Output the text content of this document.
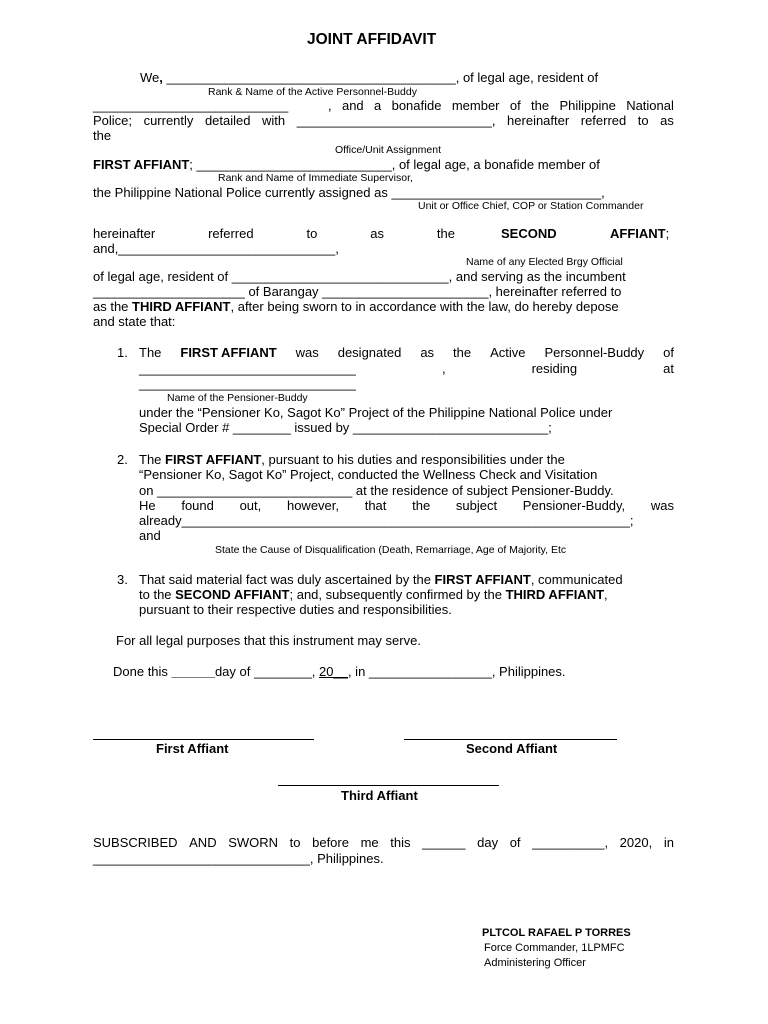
JOINT AFFIDAVIT
We, ________________________________________, of legal age, resident of
Rank & Name of the Active Personnel-Buddy
___________________________	, and a bonafide member of the Philippine National
Police; currently detailed with ___________________________, hereinafter referred to as
the
Office/Unit Assignment
FIRST AFFIANT; ___________________________, of legal age, a bonafide member of
Rank and Name of Immediate Supervisor,
the Philippine National Police currently assigned as _____________________________,
Unit or Office Chief, COP or Station Commander
hereinafter	referred	to	as	the	SECOND	AFFIANT;
and,______________________________,
Name of any Elected Brgy Official
of legal age, resident of ______________________________, and serving as the incumbent
_____________________ of Barangay _______________________, hereinafter referred to
as the THIRD AFFIANT, after being sworn to in accordance with the law, do hereby depose
and state that:
1. The FIRST AFFIANT was designated as the Active Personnel-Buddy of
______________________________	,	residing	at
______________________________
Name of the Pensioner-Buddy
under the “Pensioner Ko, Sagot Ko” Project of the Philippine National Police under
Special Order # ________ issued by ___________________________;
2. The FIRST AFFIANT, pursuant to his duties and responsibilities under the
“Pensioner Ko, Sagot Ko” Project, conducted the Wellness Check and Visitation
on ___________________________ at the residence of subject Pensioner-Buddy.
He found out, however, that the subject Pensioner-Buddy, was
already______________________________________________________________;
and
State the Cause of Disqualification (Death, Remarriage, Age of Majority, Etc
3. That said material fact was duly ascertained by the FIRST AFFIANT, communicated
to the SECOND AFFIANT; and, subsequently confirmed by the THIRD AFFIANT,
pursuant to their respective duties and responsibilities.
For all legal purposes that this instrument may serve.
Done this ______day of ________, 20__, in _________________, Philippines.
First Affiant	Second Affiant
Third Affiant
SUBSCRIBED AND SWORN to before me this ______ day of __________, 2020, in
______________________________, Philippines.
PLTCOL RAFAEL P TORRES
Force Commander, 1LPMFC
Administering Officer
